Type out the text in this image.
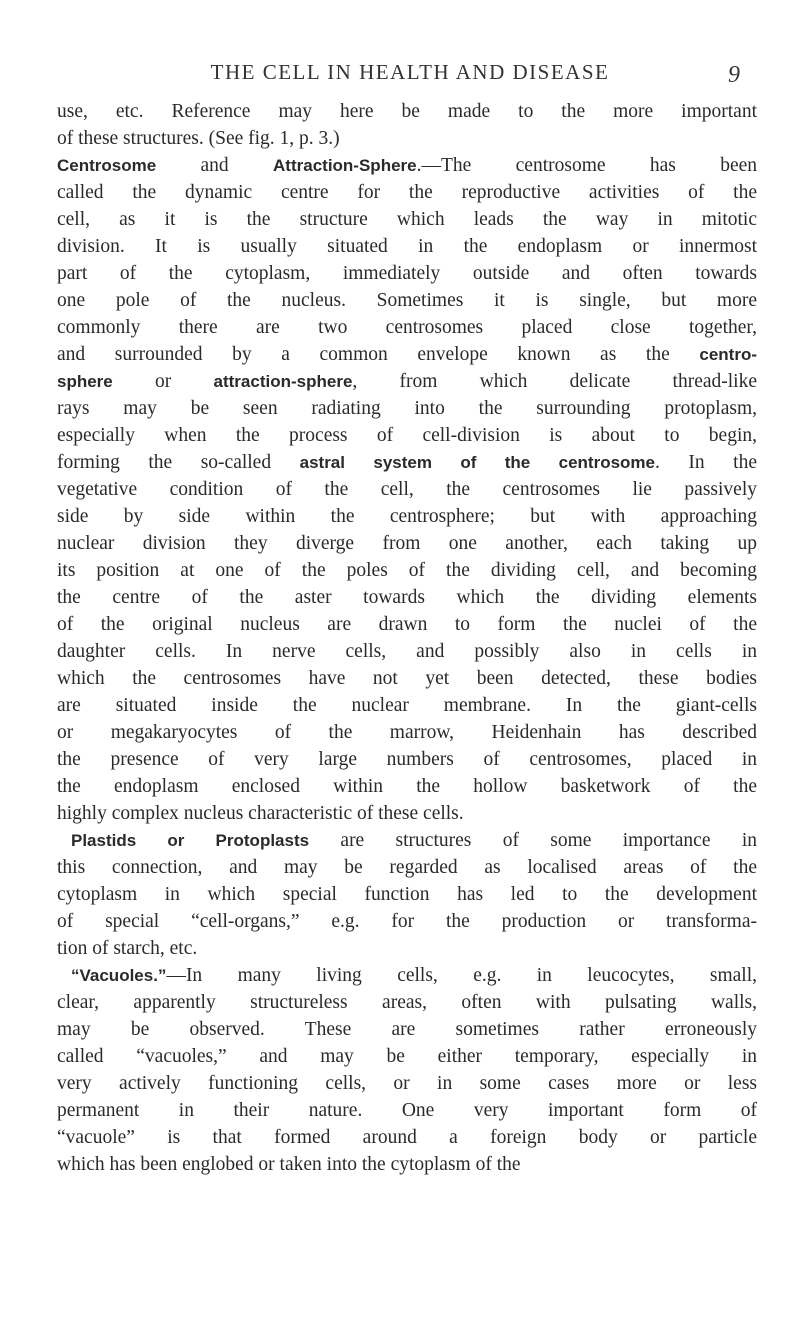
THE CELL IN HEALTH AND DISEASE	9
use, etc. Reference may here be made to the more important
of these structures. (See fig. 1, p. 3.)
Centrosome and Attraction-Sphere.—The centrosome has been
called the dynamic centre for the reproductive activities of the
cell, as it is the structure which leads the way in mitotic
division. It is usually situated in the endoplasm or innermost
part of the cytoplasm, immediately outside and often towards
one pole of the nucleus. Sometimes it is single, but more
commonly there are two centrosomes placed close together,
and surrounded by a common envelope known as the centro-
sphere or attraction-sphere, from which delicate thread-like
rays may be seen radiating into the surrounding protoplasm,
especially when the process of cell-division is about to begin,
forming the so-called astral system of the centrosome. In the
vegetative condition of the cell, the centrosomes lie passively
side by side within the centrosphere; but with approaching
nuclear division they diverge from one another, each taking up
its position at one of the poles of the dividing cell, and becoming
the centre of the aster towards which the dividing elements
of the original nucleus are drawn to form the nuclei of the
daughter cells. In nerve cells, and possibly also in cells in
which the centrosomes have not yet been detected, these bodies
are situated inside the nuclear membrane. In the giant-cells
or megakaryocytes of the marrow, Heidenhain has described
the presence of very large numbers of centrosomes, placed in
the endoplasm enclosed within the hollow basketwork of the
highly complex nucleus characteristic of these cells.
Plastids or Protoplasts are structures of some importance in
this connection, and may be regarded as localised areas of the
cytoplasm in which special function has led to the development
of special “cell-organs,” e.g. for the production or transforma-
tion of starch, etc.
“Vacuoles.”—In many living cells, e.g. in leucocytes, small,
clear, apparently structureless areas, often with pulsating walls,
may be observed. These are sometimes rather erroneously
called “vacuoles,” and may be either temporary, especially in
very actively functioning cells, or in some cases more or less
permanent in their nature. One very important form of
“vacuole” is that formed around a foreign body or particle
which has been englobed or taken into the cytoplasm of the
